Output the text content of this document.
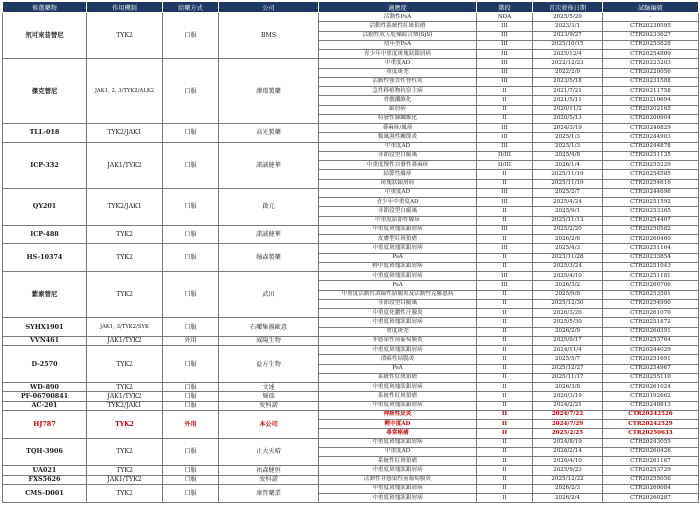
候選藥物	作用機制	給藥方式	公司	適應症	階段	首次發佈日期	試驗編號
氘可來昔替尼	TYK2	口服	BMS	活動性PsA	NDA	2025/5/20	-
				活動性系統性紅斑狼瘡	III	2023/3/1	CTR20230595
				活動性成人乾燥綜合徵(SjS)	III	2023/9/27	CTR20233627
				幼年型PsA	III	2025/10/15	CTR20253828
				青少年中重度斑塊狀銀屑病	III	2025/12/4	CTR20254809
傑克替尼	JAK1, 2, 3/TYK2/ALK2	口服	澤璟製藥	中重度AD	III	2022/12/23	CTR20223203
				重度斑禿	III	2022/2/9	CTR20220056
				活動性強直性脊柱炎	III	2023/5/18	CTR20231588
				急性移植物抗宿主病	II	2021/7/21	CTR20211758
				骨髓纖維化	II	2021/5/11	CTR20210694
				銀屑病	II	2020/11/2	CTR20202165
				特發性肺纖維化	II	2020/5/13	CTR20200904
TLL-018	TYK2/JAK1	口服	高光製藥	蕁麻疹/風疹	III	2024/3/19	CTR20240829
				類風濕性關節炎	III	2025/1/3	CTR20244903
ICP-332	JAK1/TYK2	口服	諾誠健華	中重度AD	III	2025/1/3	CTR20244878
				非節段型白癜風	II/III	2025/4/8	CTR20251135
				中重度慢性自發性蕁麻疹	II/III	2026/1/4	CTR20255229
				結節性癢疹	II	2025/11/19	CTR20254585
				斑塊狀銀屑病	II	2025/11/19	CTR20254616
QY201	TYK2/JAK1	口服	啟元	中重度AD	III	2025/2/7	CTR20244696
				青少年中重度AD	III	2025/4/24	CTR20251592
				非節段型白癜風	II	2025/9/1	CTR20253365
				中重度結節性癢疹	II	2025/11/13	CTR20254407
ICP-488	TYK2	口服	諾誠健華	中重度斑塊狀銀屑病	III	2025/2/20	CTR20250582
				皮膚型紅斑狼瘡	II	2026/2/6	CTR20260460
HS-10374	TYK2	口服	翰森製藥	中重度斑塊狀銀屑病	III	2025/4/3	CTR20251164
				PsA	II	2023/11/28	CTR20233854
				輕中度斑塊狀銀屑病	II	2025/3/24	CTR20251043
紫索替尼	TYK2	口服	武田	中重度斑塊狀銀屑病	III	2025/4/10	CTR20251181
				PsA	III	2026/3/2	CTR20260706
				中重度活動性潰瘍性結腸炎及活動性克羅恩病	II	2025/9/8	CTR20253581
				非節段型白癜風	II	2025/12/30	CTR20254990
				中重度化膿性汗腺炎	II	2026/3/20	CTR20261070
SYHX1901	JAK1, 3/TYK2/SYK	口服	石藥集團歐意	中重度斑塊狀銀屑病	II	2025/5/30	CTR20251872
				重度斑禿	II	2026/2/9	CTR20260391
VVN461	JAK1/TYK2	外用	威陽生物	非感染性前葡萄膜炎	II	2025/9/17	CTR20253764
D-2570	TYK2	口服	益方生物	中重度斑塊狀銀屑病	II	2024/11/4	CTR20244029
				潰瘍性結腸炎	II	2025/5/7	CTR20251691
				PsA	II	2025/12/27	CTR20254967
				系統性紅斑狼瘡	II	2025/11/17	CTR20255110
WD-890	TYK2	口服	文達	中重度斑塊狀銀屑病	II	2026/3/8	CTR20261024
PF-06700841	JAK1/TYK2	口服	輝瑞	系統性紅斑狼瘡	II	2020/3/19	CTR20192662
AC-201	TYK2/JAK1	口服	愛科諾	中重度斑塊狀銀屑病	II	2024/2/21	CTR20240813
HJ787	TYK2	外用	本公司	神經性皮炎	II	2024/7/22	CTR20242526
				輕中度AD	II	2024/7/29	CTR20242529
				尋常痤瘡	II	2025/2/25	CTR20250633
TQH-3906	TYK2	口服	正大天晴	中重度斑塊狀銀屑病	II	2024/8/19	CTR20243055
				中重度AD	II	2026/2/14	CTR20260426
				系統性紅斑狼瘡	II	2026/4/10	CTR20261167
UA021	TYK2	口服	祐森健恒	中重度斑塊狀銀屑病	II	2025/9/23	CTR20253729
FXS5626	JAK1/TYK2	口服	愛科諾	活動性非感染性前葡萄膜炎	II	2025/12/22	CTR20255056
CMS-D001	TYK2	口服	康哲藥業	中重度斑塊狀銀屑病	II	2026/2/3	CTR20260084
				中重度斑塊狀銀屑病	II	2026/2/4	CTR20260287
